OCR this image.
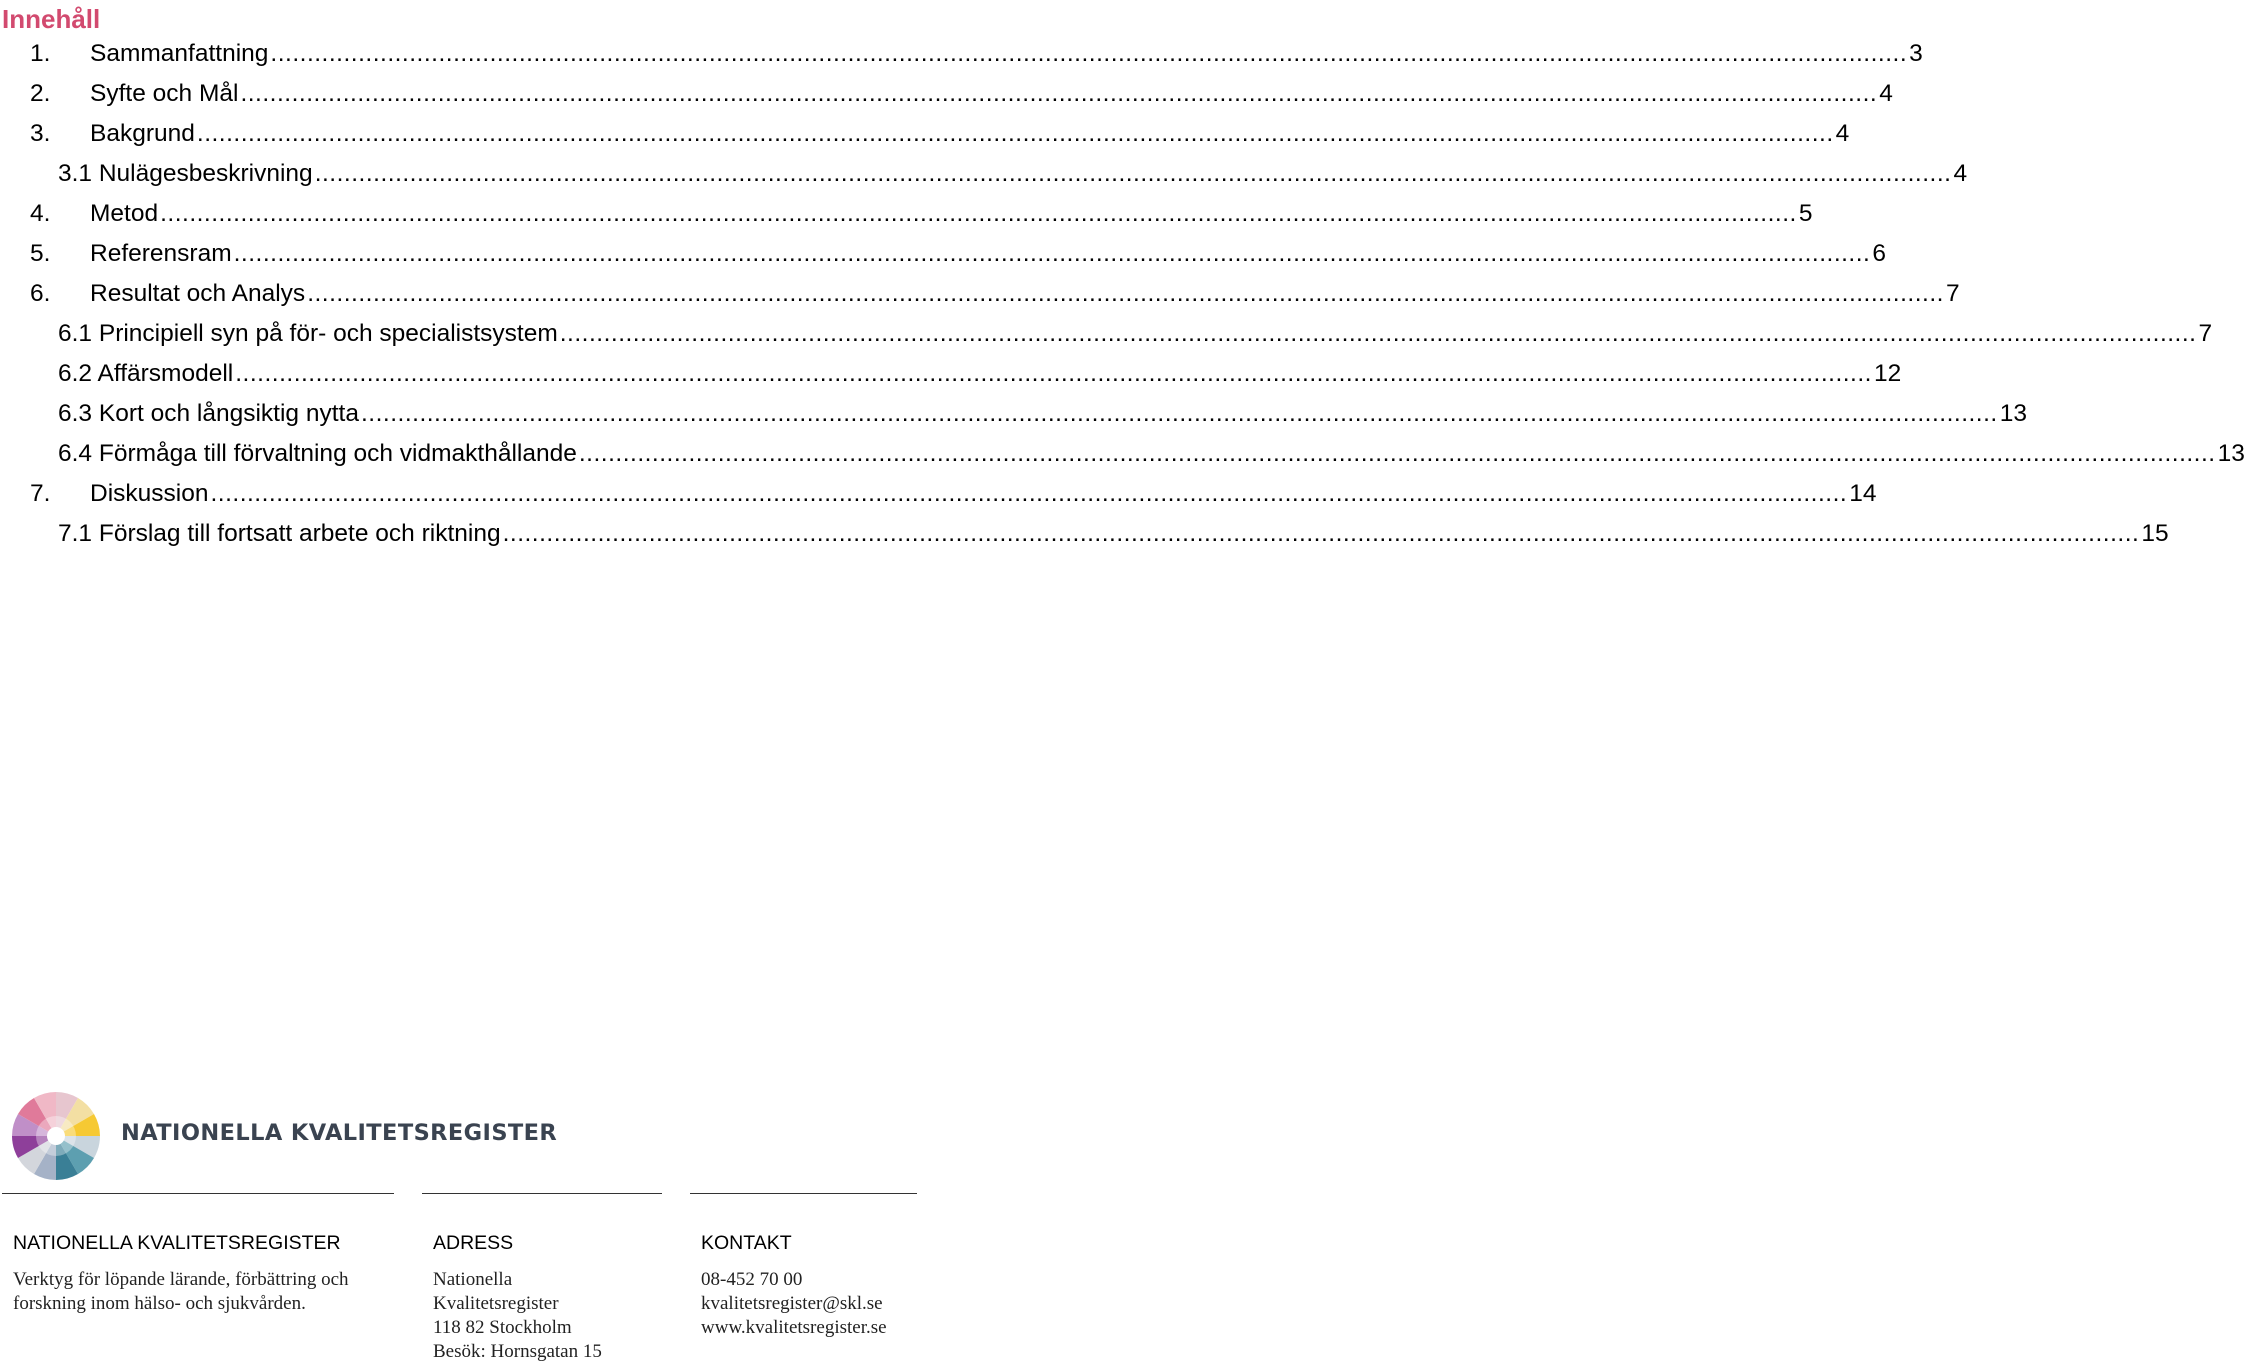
Innehåll
1. Sammanfattning .....	3
2. Syfte och Mål .....	4
3. Bakgrund .....	4
3.1 Nulägesbeskrivning .....	4
4. Metod .....	5
5. Referensram .....	6
6. Resultat och Analys .....	7
6.1 Principiell syn på för- och specialistsystem .....	7
6.2 Affärsmodell .....	12
6.3 Kort och långsiktig nytta .....	13
6.4 Förmåga till förvaltning och vidmakthållande .....	13
7. Diskussion .....	14
7.1 Förslag till fortsatt arbete och riktning .....	15
NATIONELLA KVALITETSREGISTER
NATIONELLA KVALITETSREGISTER
Verktyg för löpande lärande, förbättring och
forskning inom hälso- och sjukvården.
ADRESS
Nationella
Kvalitetsregister
118 82 Stockholm
Besök: Hornsgatan 15
KONTAKT
08-452 70 00
kvalitetsregister@skl.se
www.kvalitetsregister.se
